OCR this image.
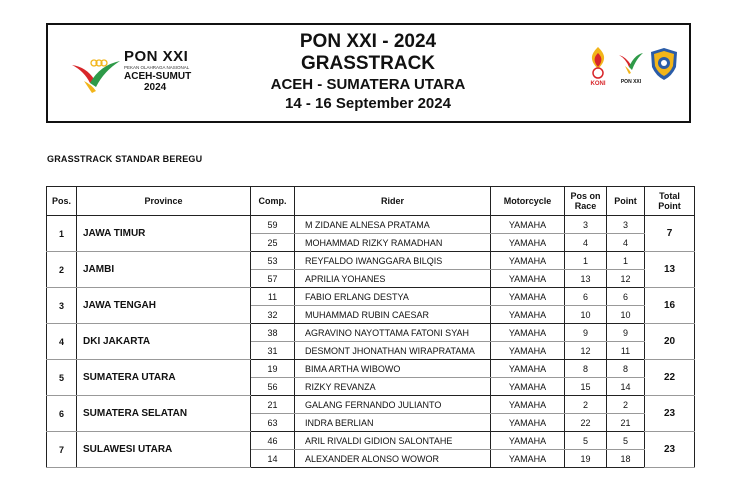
PON XXI
PEKAN OLAHRAGA NASIONAL
ACEH-SUMUT
2024
PON XXI - 2024
GRASSTRACK
ACEH - SUMATERA UTARA
14 - 16 September 2024
KONI	PON XXI
GRASSTRACK STANDAR BEREGU
Pos.	Province	Comp.	Rider	Motorcycle	Pos on Race	Point	Total Point
1	JAWA TIMUR	59	M ZIDANE ALNESA PRATAMA	YAMAHA	3	3	7
		25	MOHAMMAD RIZKY RAMADHAN	YAMAHA	4	4	
2	JAMBI	53	REYFALDO IWANGGARA BILQIS	YAMAHA	1	1	13
		57	APRILIA YOHANES	YAMAHA	13	12	
3	JAWA TENGAH	11	FABIO ERLANG DESTYA	YAMAHA	6	6	16
		32	MUHAMMAD RUBIN CAESAR	YAMAHA	10	10	
4	DKI JAKARTA	38	AGRAVINO NAYOTTAMA FATONI SYAH	YAMAHA	9	9	20
		31	DESMONT JHONATHAN WIRAPRATAMA	YAMAHA	12	11	
5	SUMATERA UTARA	19	BIMA ARTHA WIBOWO	YAMAHA	8	8	22
		56	RIZKY REVANZA	YAMAHA	15	14	
6	SUMATERA SELATAN	21	GALANG FERNANDO JULIANTO	YAMAHA	2	2	23
		63	INDRA BERLIAN	YAMAHA	22	21	
7	SULAWESI UTARA	46	ARIL RIVALDI GIDION SALONTAHE	YAMAHA	5	5	23
		14	ALEXANDER ALONSO WOWOR	YAMAHA	19	18	
